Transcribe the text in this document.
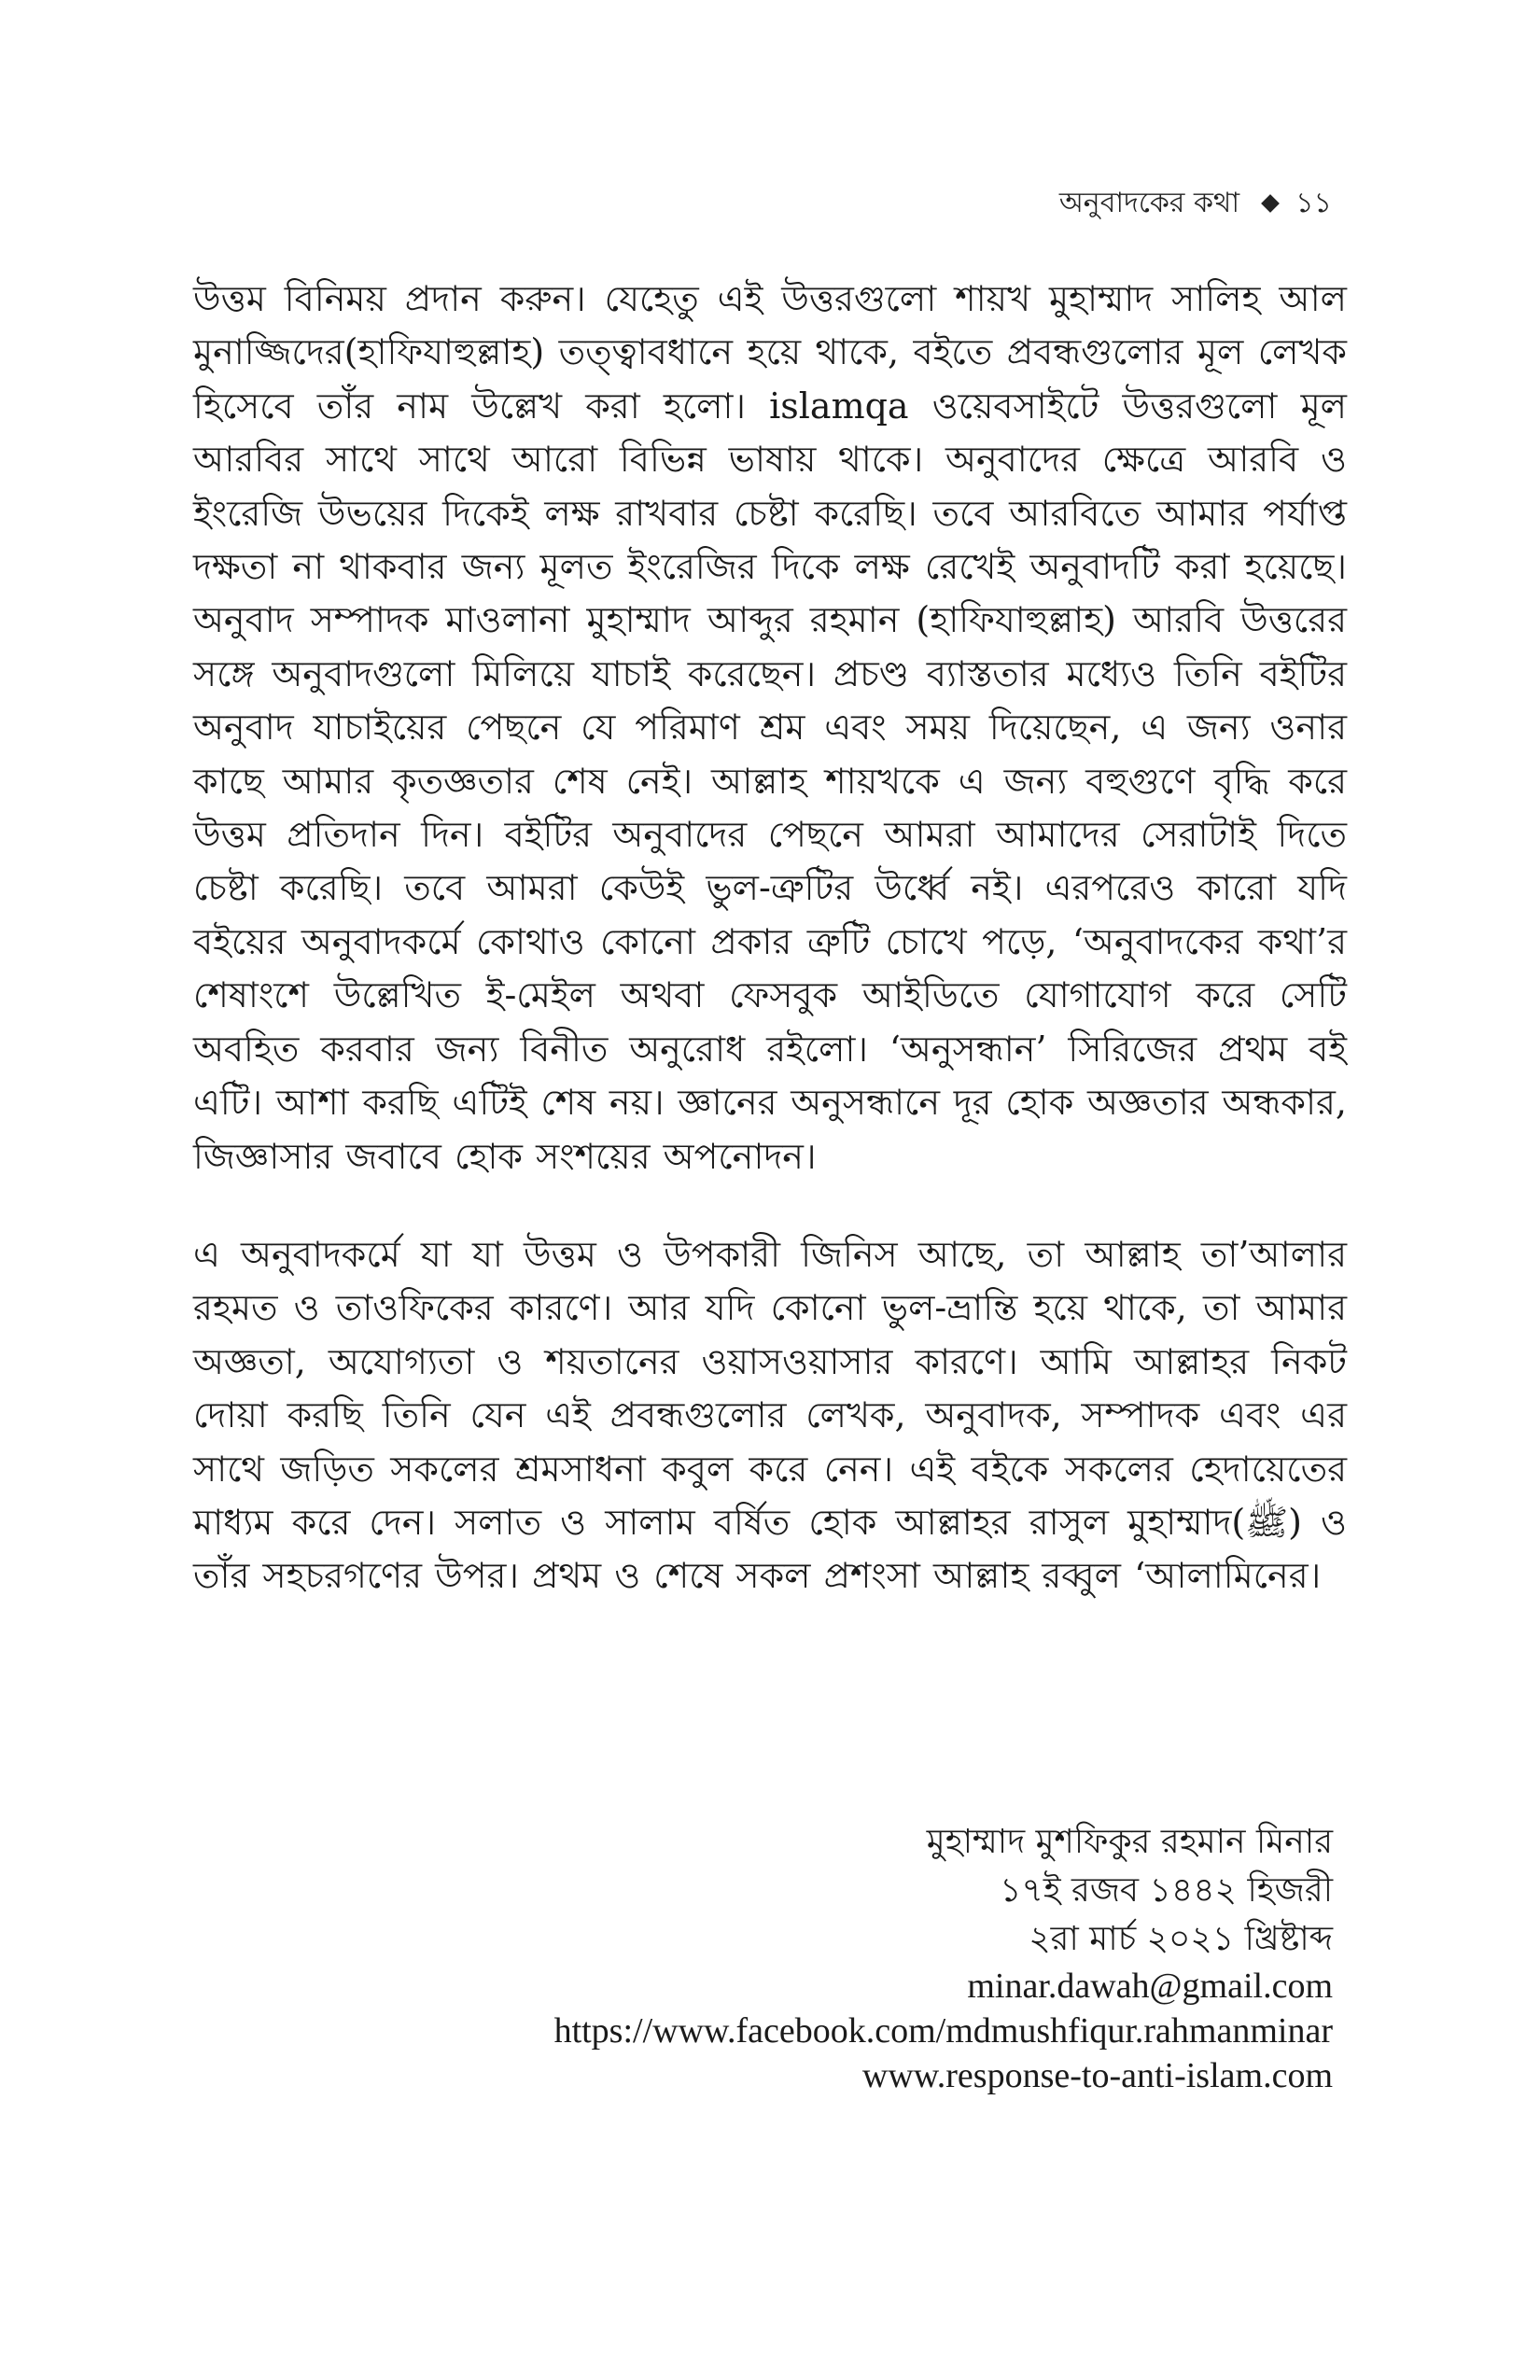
অনুবাদকের কথা ১১

উত্তম বিনিময় প্রদান করুন। যেহেতু এই উত্তরগুলো শায়খ মুহাম্মাদ সালিহ আল মুনাজ্জিদের(হাফিযাহুল্লাহ) তত্ত্বাবধানে হয়ে থাকে, বইতে প্রবন্ধগুলোর মূল লেখক হিসেবে তাঁর নাম উল্লেখ করা হলো। islamqa ওয়েবসাইটে উত্তরগুলো মূল আরবির সাথে সাথে আরো বিভিন্ন ভাষায় থাকে। অনুবাদের ক্ষেত্রে আরবি ও ইংরেজি উভয়ের দিকেই লক্ষ রাখবার চেষ্টা করেছি। তবে আরবিতে আমার পর্যাপ্ত দক্ষতা না থাকবার জন্য মূলত ইংরেজির দিকে লক্ষ রেখেই অনুবাদটি করা হয়েছে। অনুবাদ সম্পাদক মাওলানা মুহাম্মাদ আব্দুর রহমান (হাফিযাহুল্লাহ) আরবি উত্তরের সঙ্গে অনুবাদগুলো মিলিয়ে যাচাই করেছেন। প্রচণ্ড ব্যাস্ততার মধ্যেও তিনি বইটির অনুবাদ যাচাইয়ের পেছনে যে পরিমাণ শ্রম এবং সময় দিয়েছেন, এ জন্য ওনার কাছে আমার কৃতজ্ঞতার শেষ নেই। আল্লাহ শায়খকে এ জন্য বহুগুণে বৃদ্ধি করে উত্তম প্রতিদান দিন। বইটির অনুবাদের পেছনে আমরা আমাদের সেরাটাই দিতে চেষ্টা করেছি। তবে আমরা কেউই ভুল-ত্রুটির উর্ধ্বে নই। এরপরেও কারো যদি বইয়ের অনুবাদকর্মে কোথাও কোনো প্রকার ত্রুটি চোখে পড়ে, ‘অনুবাদকের কথা’র শেষাংশে উল্লেখিত ই-মেইল অথবা ফেসবুক আইডিতে যোগাযোগ করে সেটি অবহিত করবার জন্য বিনীত অনুরোধ রইলো। ‘অনুসন্ধান’ সিরিজের প্রথম বই এটি। আশা করছি এটিই শেষ নয়। জ্ঞানের অনুসন্ধানে দূর হোক অজ্ঞতার অন্ধকার, জিজ্ঞাসার জবাবে হোক সংশয়ের অপনোদন।

এ অনুবাদকর্মে যা যা উত্তম ও উপকারী জিনিস আছে, তা আল্লাহ তা’আলার রহমত ও তাওফিকের কারণে। আর যদি কোনো ভুল-ভ্রান্তি হয়ে থাকে, তা আমার অজ্ঞতা, অযোগ্যতা ও শয়তানের ওয়াসওয়াসার কারণে। আমি আল্লাহর নিকট দোয়া করছি তিনি যেন এই প্রবন্ধগুলোর লেখক, অনুবাদক, সম্পাদক এবং এর সাথে জড়িত সকলের শ্রমসাধনা কবুল করে নেন। এই বইকে সকলের হেদায়েতের মাধ্যম করে দেন। সলাত ও সালাম বর্ষিত হোক আল্লাহর রাসুল মুহাম্মাদ(ﷺ) ও তাঁর সহচরগণের উপর। প্রথম ও শেষে সকল প্রশংসা আল্লাহ রব্বুল ‘আলামিনের।

মুহাম্মাদ মুশফিকুর রহমান মিনার
১৭ই রজব ১৪৪২ হিজরী
২রা মার্চ ২০২১ খ্রিষ্টাব্দ
minar.dawah@gmail.com
https://www.facebook.com/mdmushfiqur.rahmanminar
www.response-to-anti-islam.com
